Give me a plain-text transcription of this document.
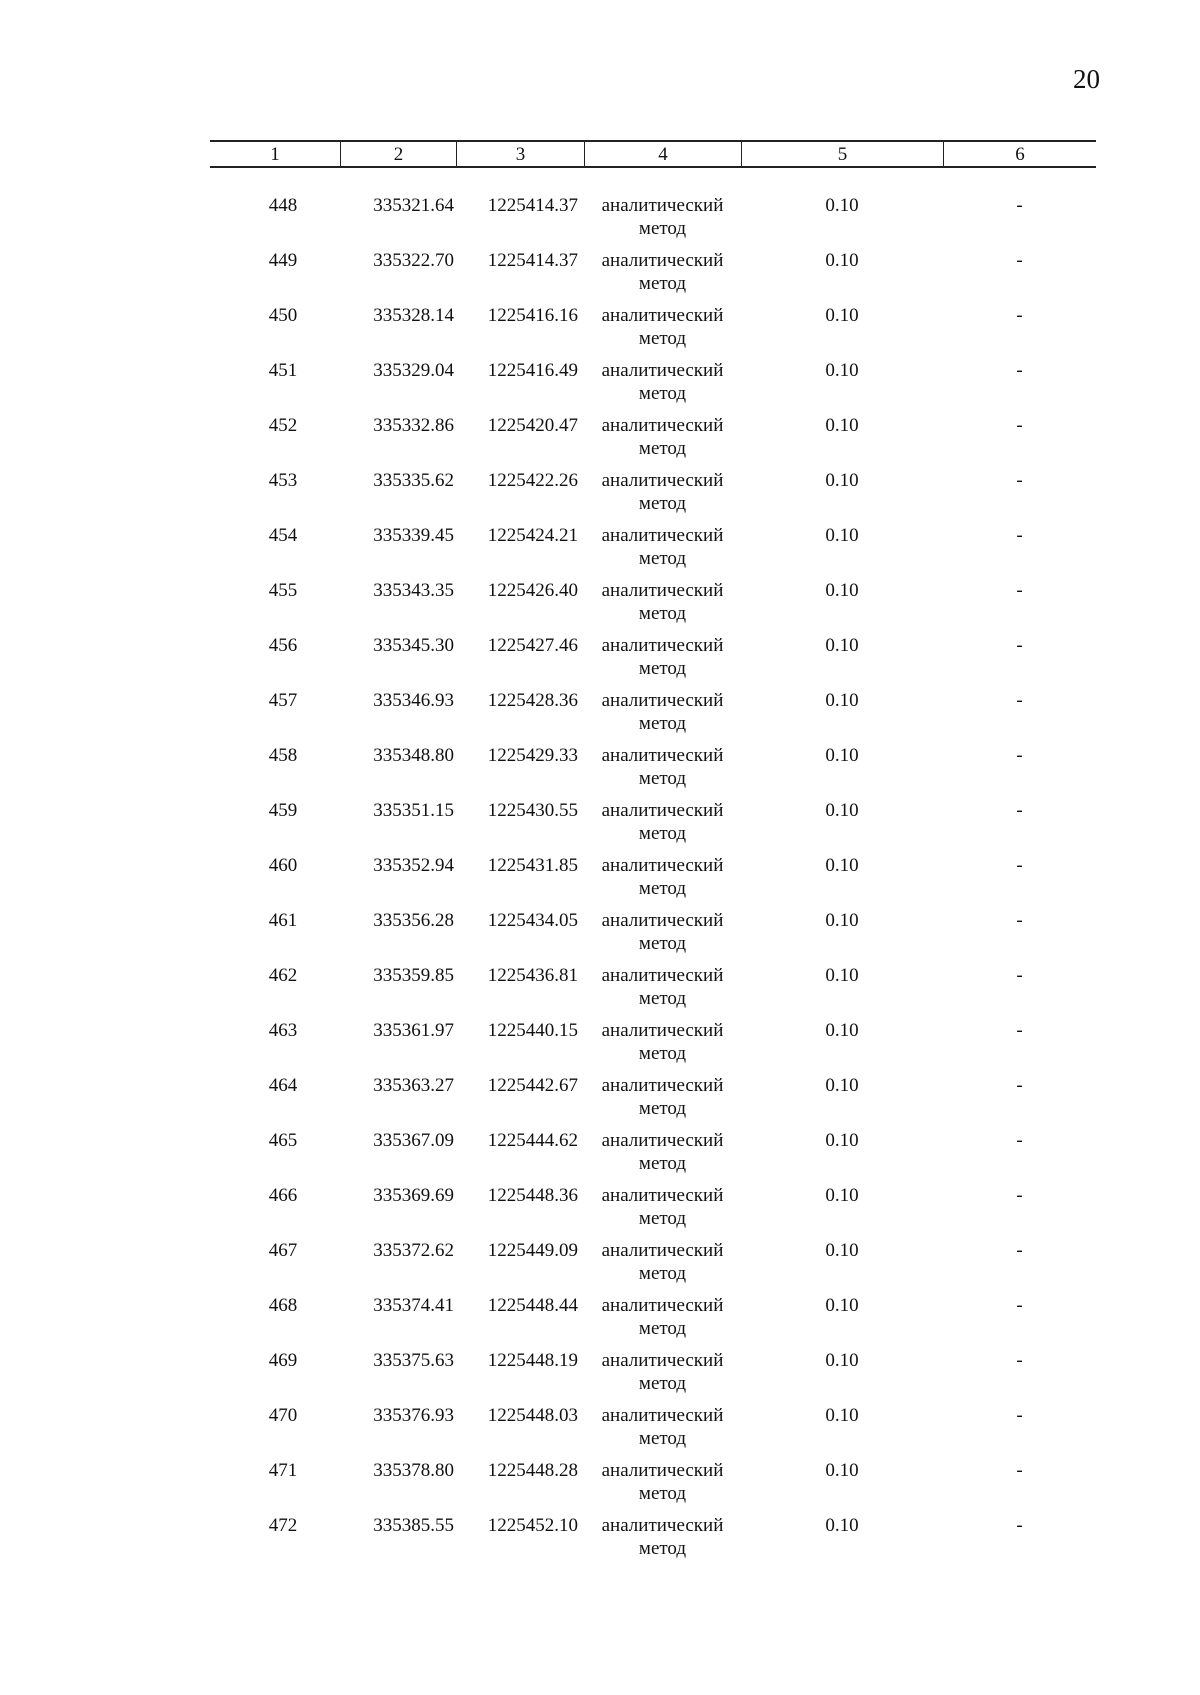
20
1	2	3	4	5	6
448	335321.64	1225414.37	аналитический
метод
0.10	-
449	335322.70	1225414.37	аналитический
метод
0.10	-
450	335328.14	1225416.16	аналитический
метод
0.10	-
451	335329.04	1225416.49	аналитический
метод
0.10	-
452	335332.86	1225420.47	аналитический
метод
0.10	-
453	335335.62	1225422.26	аналитический
метод
0.10	-
454	335339.45	1225424.21	аналитический
метод
0.10	-
455	335343.35	1225426.40	аналитический
метод
0.10	-
456	335345.30	1225427.46	аналитический
метод
0.10	-
457	335346.93	1225428.36	аналитический
метод
0.10	-
458	335348.80	1225429.33	аналитический
метод
0.10	-
459	335351.15	1225430.55	аналитический
метод
0.10	-
460	335352.94	1225431.85	аналитический
метод
0.10	-
461	335356.28	1225434.05	аналитический
метод
0.10	-
462	335359.85	1225436.81	аналитический
метод
0.10	-
463	335361.97	1225440.15	аналитический
метод
0.10	-
464	335363.27	1225442.67	аналитический
метод
0.10	-
465	335367.09	1225444.62	аналитический
метод
0.10	-
466	335369.69	1225448.36	аналитический
метод
0.10	-
467	335372.62	1225449.09	аналитический
метод
0.10	-
468	335374.41	1225448.44	аналитический
метод
0.10	-
469	335375.63	1225448.19	аналитический
метод
0.10	-
470	335376.93	1225448.03	аналитический
метод
0.10	-
471	335378.80	1225448.28	аналитический
метод
0.10	-
472	335385.55	1225452.10	аналитический
метод
0.10	-
